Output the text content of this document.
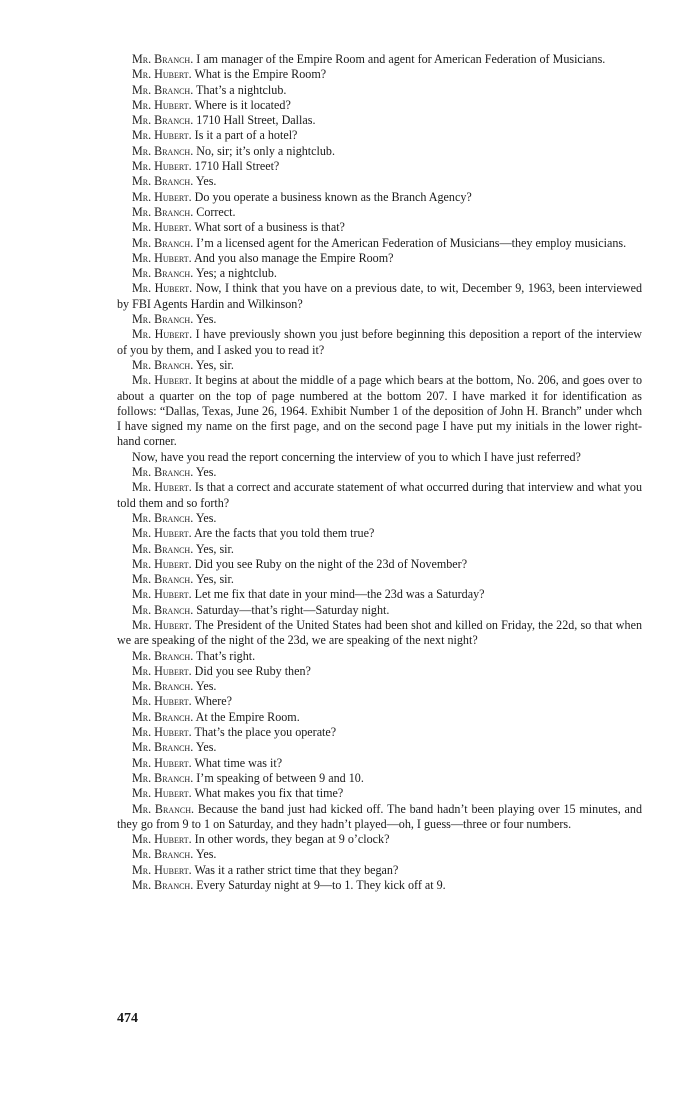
Mr. Branch. I am manager of the Empire Room and agent for American Federation of Musicians.

Mr. Hubert. What is the Empire Room?

Mr. Branch. That’s a nightclub.

Mr. Hubert. Where is it located?

Mr. Branch. 1710 Hall Street, Dallas.

Mr. Hubert. Is it a part of a hotel?

Mr. Branch. No, sir; it’s only a nightclub.

Mr. Hubert. 1710 Hall Street?

Mr. Branch. Yes.

Mr. Hubert. Do you operate a business known as the Branch Agency?

Mr. Branch. Correct.

Mr. Hubert. What sort of a business is that?

Mr. Branch. I’m a licensed agent for the American Federation of Musicians—they employ musicians.

Mr. Hubert. And you also manage the Empire Room?

Mr. Branch. Yes; a nightclub.

Mr. Hubert. Now, I think that you have on a previous date, to wit, December 9, 1963, been interviewed by FBI Agents Hardin and Wilkinson?

Mr. Branch. Yes.

Mr. Hubert. I have previously shown you just before beginning this deposition a report of the interview of you by them, and I asked you to read it?

Mr. Branch. Yes, sir.

Mr. Hubert. It begins at about the middle of a page which bears at the bottom, No. 206, and goes over to about a quarter on the top of page numbered at the bottom 207. I have marked it for identification as follows: “Dallas, Texas, June 26, 1964. Exhibit Number 1 of the deposition of John H. Branch” under whch I have signed my name on the first page, and on the second page I have put my initials in the lower right-hand corner.

Now, have you read the report concerning the interview of you to which I have just referred?

Mr. Branch. Yes.

Mr. Hubert. Is that a correct and accurate statement of what occurred during that interview and what you told them and so forth?

Mr. Branch. Yes.

Mr. Hubert. Are the facts that you told them true?

Mr. Branch. Yes, sir.

Mr. Hubert. Did you see Ruby on the night of the 23d of November?

Mr. Branch. Yes, sir.

Mr. Hubert. Let me fix that date in your mind—the 23d was a Saturday?

Mr. Branch. Saturday—that’s right—Saturday night.

Mr. Hubert. The President of the United States had been shot and killed on Friday, the 22d, so that when we are speaking of the night of the 23d, we are speaking of the next night?

Mr. Branch. That’s right.

Mr. Hubert. Did you see Ruby then?

Mr. Branch. Yes.

Mr. Hubert. Where?

Mr. Branch. At the Empire Room.

Mr. Hubert. That’s the place you operate?

Mr. Branch. Yes.

Mr. Hubert. What time was it?

Mr. Branch. I’m speaking of between 9 and 10.

Mr. Hubert. What makes you fix that time?

Mr. Branch. Because the band just had kicked off. The band hadn’t been playing over 15 minutes, and they go from 9 to 1 on Saturday, and they hadn’t played—oh, I guess—three or four numbers.

Mr. Hubert. In other words, they began at 9 o’clock?

Mr. Branch. Yes.

Mr. Hubert. Was it a rather strict time that they began?

Mr. Branch. Every Saturday night at 9—to 1. They kick off at 9.

474
